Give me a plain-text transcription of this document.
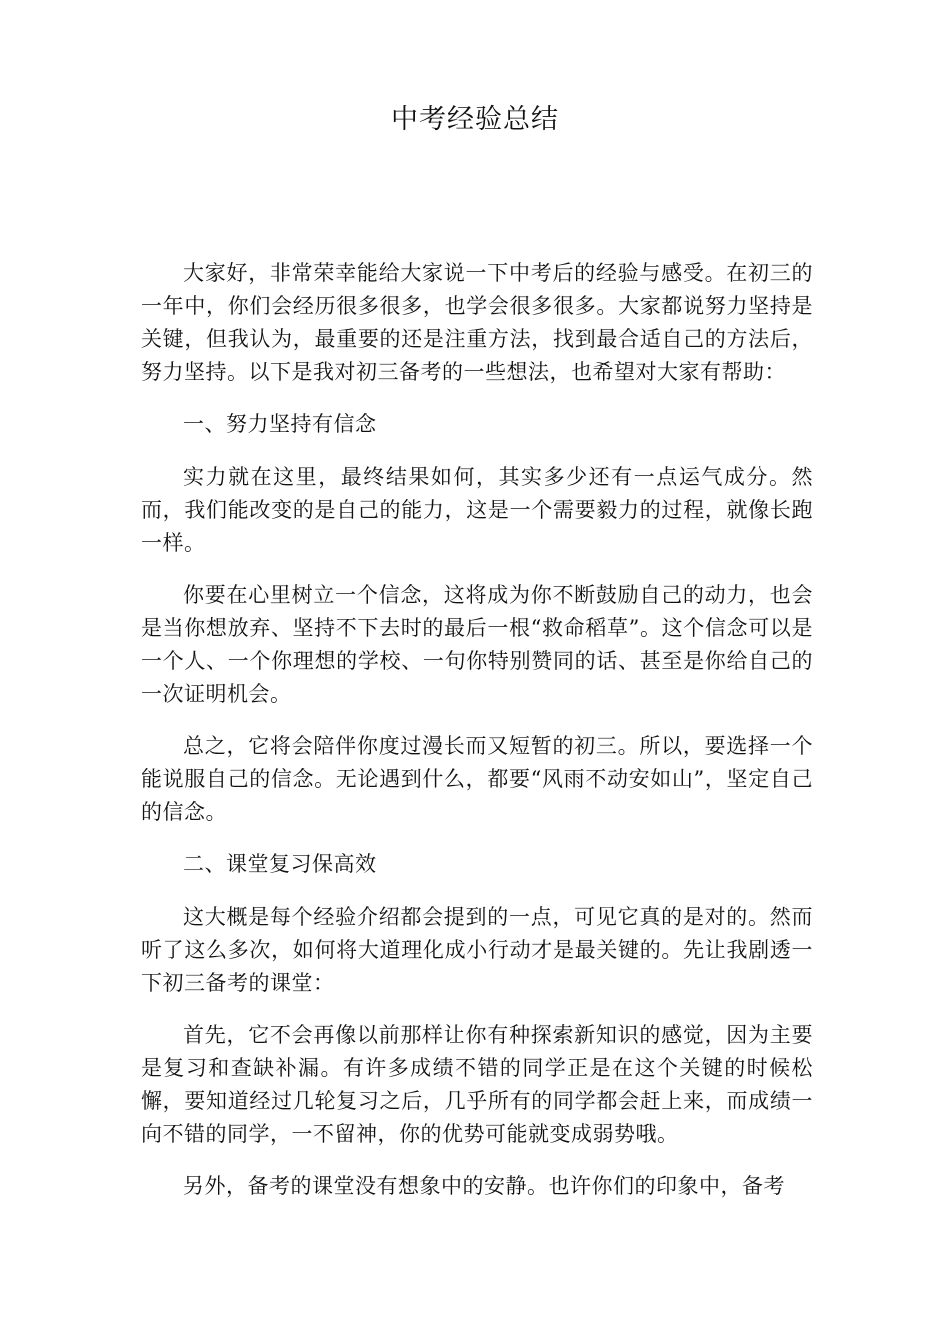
中考经验总结

大家好，非常荣幸能给大家说一下中考后的经验与感受。在初三的一年中，你们会经历很多很多，也学会很多很多。大家都说努力坚持是关键，但我认为，最重要的还是注重方法，找到最合适自己的方法后，努力坚持。以下是我对初三备考的一些想法，也希望对大家有帮助：

一、努力坚持有信念

实力就在这里，最终结果如何，其实多少还有一点运气成分。然而，我们能改变的是自己的能力，这是一个需要毅力的过程，就像长跑一样。

你要在心里树立一个信念，这将成为你不断鼓励自己的动力，也会是当你想放弃、坚持不下去时的最后一根“救命稻草”。这个信念可以是一个人、一个你理想的学校、一句你特别赞同的话、甚至是你给自己的一次证明机会。

总之，它将会陪伴你度过漫长而又短暂的初三。所以，要选择一个能说服自己的信念。无论遇到什么，都要“风雨不动安如山”，坚定自己的信念。

二、课堂复习保高效

这大概是每个经验介绍都会提到的一点，可见它真的是对的。然而听了这么多次，如何将大道理化成小行动才是最关键的。先让我剧透一下初三备考的课堂：

首先，它不会再像以前那样让你有种探索新知识的感觉，因为主要是复习和查缺补漏。有许多成绩不错的同学正是在这个关键的时候松懈，要知道经过几轮复习之后，几乎所有的同学都会赶上来，而成绩一向不错的同学，一不留神，你的优势可能就变成弱势哦。

另外，备考的课堂没有想象中的安静。也许你们的印象中，备考
